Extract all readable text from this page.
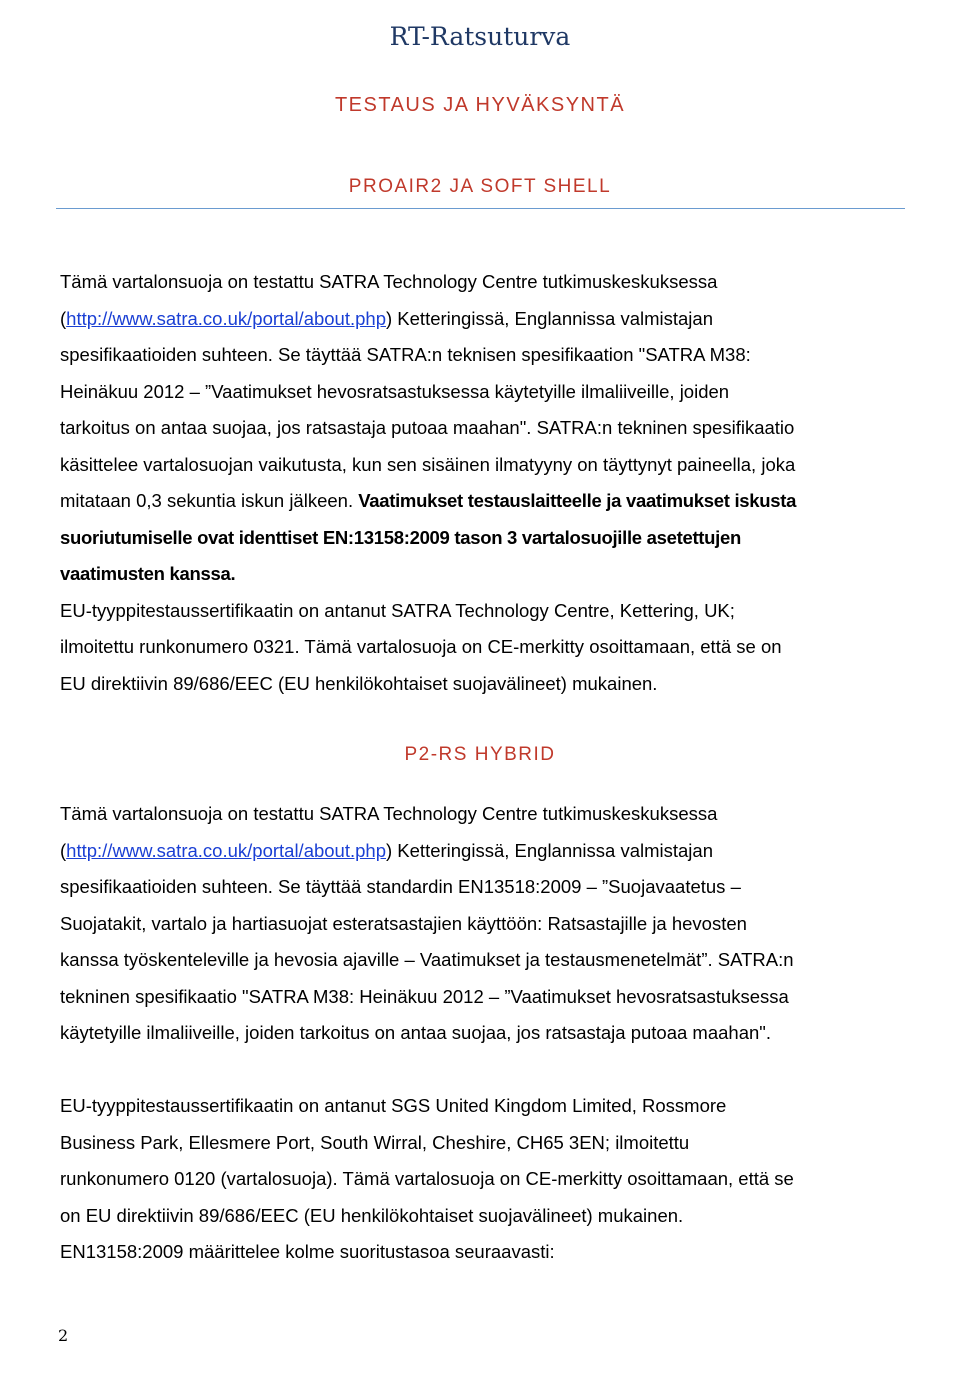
RT-Ratsuturva
TESTAUS JA HYVÄKSYNTÄ
PROAIR2 JA SOFT SHELL
Tämä vartalonsuoja on testattu SATRA Technology Centre tutkimuskeskuksessa
(http://www.satra.co.uk/portal/about.php) Ketteringissä, Englannissa valmistajan
spesifikaatioiden suhteen. Se täyttää SATRA:n teknisen spesifikaation "SATRA M38:
Heinäkuu 2012 – ”Vaatimukset hevosratsastuksessa käytetyille ilmaliiveille, joiden
tarkoitus on antaa suojaa, jos ratsastaja putoaa maahan". SATRA:n tekninen spesifikaatio
käsittelee vartalosuojan vaikutusta, kun sen sisäinen ilmatyyny on täyttynyt paineella, joka
mitataan 0,3 sekuntia iskun jälkeen. Vaatimukset testauslaitteelle ja vaatimukset iskusta
suoriutumiselle ovat identtiset EN:13158:2009 tason 3 vartalosuojille asetettujen
vaatimusten kanssa.
EU-tyyppitestaussertifikaatin on antanut SATRA Technology Centre, Kettering, UK;
ilmoitettu runkonumero 0321. Tämä vartalosuoja on CE-merkitty osoittamaan, että se on
EU direktiivin 89/686/EEC (EU henkilökohtaiset suojavälineet) mukainen.
P2-RS HYBRID
Tämä vartalonsuoja on testattu SATRA Technology Centre tutkimuskeskuksessa
(http://www.satra.co.uk/portal/about.php) Ketteringissä, Englannissa valmistajan
spesifikaatioiden suhteen. Se täyttää standardin EN13518:2009 – ”Suojavaatetus –
Suojatakit, vartalo ja hartiasuojat esteratsastajien käyttöön: Ratsastajille ja hevosten
kanssa työskenteleville ja hevosia ajaville – Vaatimukset ja testausmenetelmät”. SATRA:n
tekninen spesifikaatio "SATRA M38: Heinäkuu 2012 – ”Vaatimukset hevosratsastuksessa
käytetyille ilmaliiveille, joiden tarkoitus on antaa suojaa, jos ratsastaja putoaa maahan".
EU-tyyppitestaussertifikaatin on antanut SGS United Kingdom Limited, Rossmore
Business Park, Ellesmere Port, South Wirral, Cheshire, CH65 3EN; ilmoitettu
runkonumero 0120 (vartalosuoja). Tämä vartalosuoja on CE-merkitty osoittamaan, että se
on EU direktiivin 89/686/EEC (EU henkilökohtaiset suojavälineet) mukainen.
EN13158:2009 määrittelee kolme suoritustasoa seuraavasti:
2
